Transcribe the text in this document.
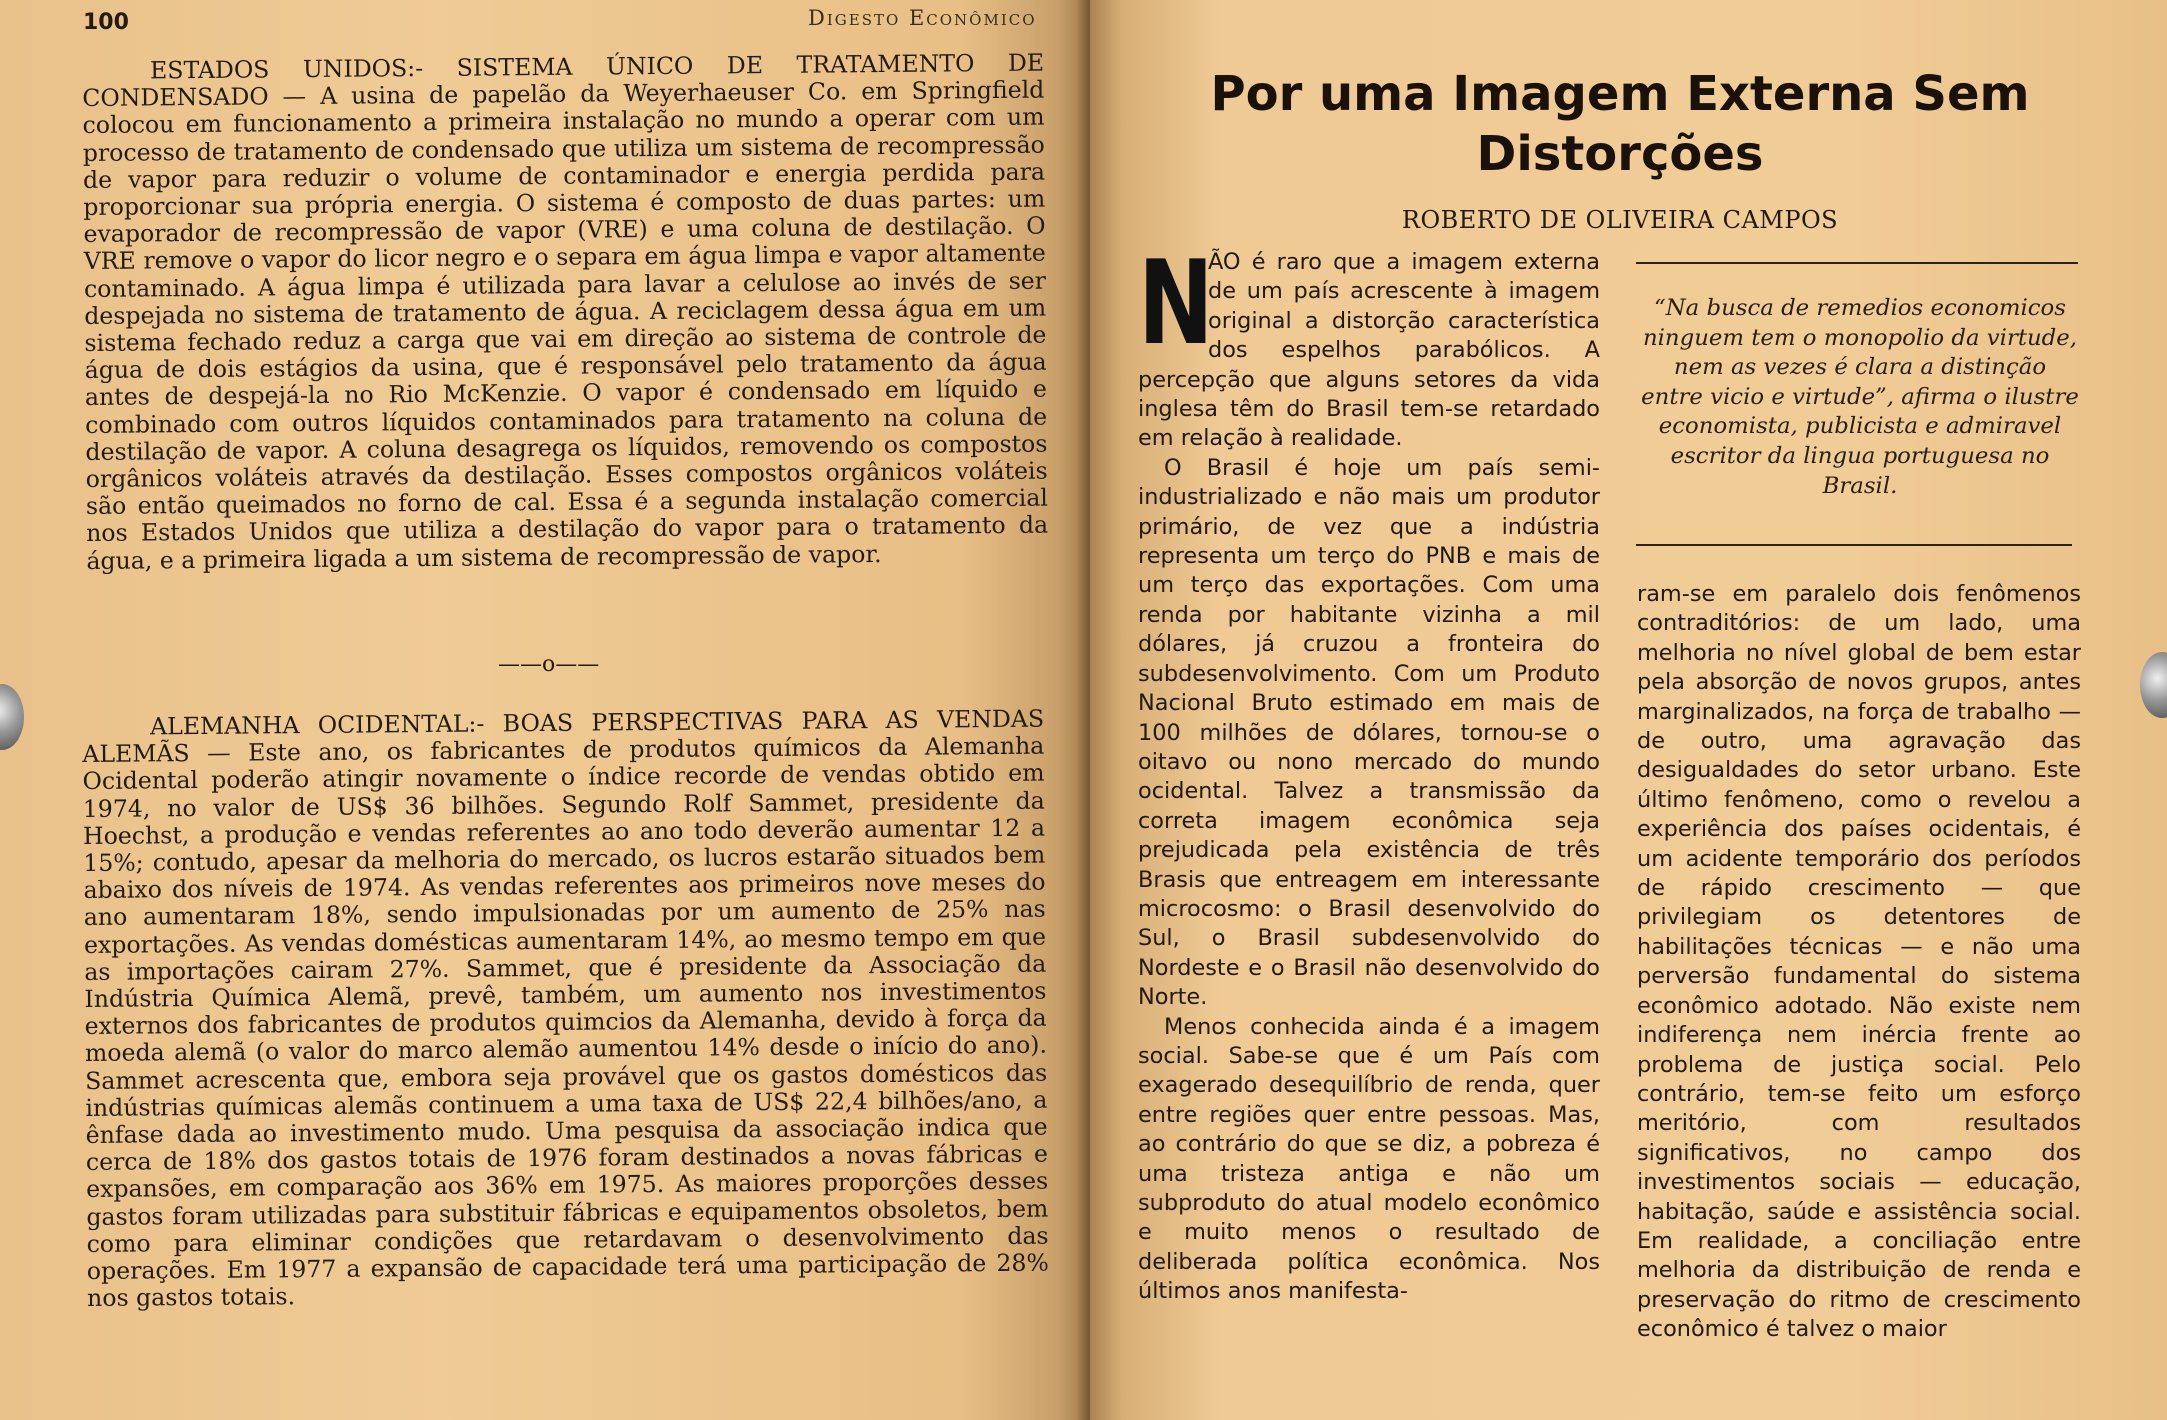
100	Digesto Econômico

ESTADOS UNIDOS:- SISTEMA ÚNICO DE TRATAMENTO DE CONDENSADO — A usina de papelão da Weyerhaeuser Co. em Springfield colocou em funcionamento a primeira instalação no mundo a operar com um processo de tratamento de condensado que utiliza um sistema de recompressão de vapor para reduzir o volume de contaminador e energia perdida para proporcionar sua própria energia. O sistema é composto de duas partes: um evaporador de recompressão de vapor (VRE) e uma coluna de destilação. O VRE remove o vapor do licor negro e o separa em água limpa e vapor altamente contaminado. A água limpa é utilizada para lavar a celulose ao invés de ser despejada no sistema de tratamento de água. A reciclagem dessa água em um sistema fechado reduz a carga que vai em direção ao sistema de controle de água de dois estágios da usina, que é responsável pelo tratamento da água antes de despejá-la no Rio McKenzie. O vapor é condensado em líquido e combinado com outros líquidos contaminados para tratamento na coluna de destilação de vapor. A coluna desagrega os líquidos, removendo os compostos orgânicos voláteis através da destilação. Esses compostos orgânicos voláteis são então queimados no forno de cal. Essa é a segunda instalação comercial nos Estados Unidos que utiliza a destilação do vapor para o tratamento da água, e a primeira ligada a um sistema de recompressão de vapor.

——o——

ALEMANHA OCIDENTAL:- BOAS PERSPECTIVAS PARA AS VENDAS ALEMÃS — Este ano, os fabricantes de produtos químicos da Alemanha Ocidental poderão atingir novamente o índice recorde de vendas obtido em 1974, no valor de US$ 36 bilhões. Segundo Rolf Sammet, presidente da Hoechst, a produção e vendas referentes ao ano todo deverão aumentar 12 a 15%; contudo, apesar da melhoria do mercado, os lucros estarão situados bem abaixo dos níveis de 1974. As vendas referentes aos primeiros nove meses do ano aumentaram 18%, sendo impulsionadas por um aumento de 25% nas exportações. As vendas domésticas aumentaram 14%, ao mesmo tempo em que as importações cairam 27%. Sammet, que é presidente da Associação da Indústria Química Alemã, prevê, também, um aumento nos investimentos externos dos fabricantes de produtos quimcios da Alemanha, devido à força da moeda alemã (o valor do marco alemão aumentou 14% desde o início do ano). Sammet acrescenta que, embora seja provável que os gastos domésticos das indústrias químicas alemãs continuem a uma taxa de US$ 22,4 bilhões/ano, a ênfase dada ao investimento mudo. Uma pesquisa da associação indica que cerca de 18% dos gastos totais de 1976 foram destinados a novas fábricas e expansões, em comparação aos 36% em 1975. As maiores proporções desses gastos foram utilizadas para substituir fábricas e equipamentos obsoletos, bem como para eliminar condições que retardavam o desenvolvimento das operações. Em 1977 a expansão de capacidade terá uma participação de 28% nos gastos totais.

Por uma Imagem Externa Sem Distorções
ROBERTO DE OLIVEIRA CAMPOS
N

ÃO é raro que a imagem externa de um país acrescente à imagem original a distorção característica dos espelhos parabólicos. A percepção que alguns setores da vida inglesa têm do Brasil tem-se retardado em relação à realidade.

O Brasil é hoje um país semi-industrializado e não mais um produtor primário, de vez que a indústria representa um terço do PNB e mais de um terço das exportações. Com uma renda por habitante vizinha a mil dólares, já cruzou a fronteira do subdesenvolvimento. Com um Produto Nacional Bruto estimado em mais de 100 milhões de dólares, tornou-se o oitavo ou nono mercado do mundo ocidental. Talvez a transmissão da correta imagem econômica seja prejudicada pela existência de três Brasis que entreagem em interessante microcosmo: o Brasil desenvolvido do Sul, o Brasil subdesenvolvido do Nordeste e o Brasil não desenvolvido do Norte.

Menos conhecida ainda é a imagem social. Sabe-se que é um País com exagerado desequilíbrio de renda, quer entre regiões quer entre pessoas. Mas, ao contrário do que se diz, a pobreza é uma tristeza antiga e não um subproduto do atual modelo econômico e muito menos o resultado de deliberada política econômica. Nos últimos anos manifesta-

“Na busca de remedios economicos ninguem tem o monopolio da virtude, nem as vezes é clara a distinção entre vicio e virtude”, afirma o ilustre economista, publicista e admiravel escritor da lingua portuguesa no Brasil.

ram-se em paralelo dois fenômenos contraditórios: de um lado, uma melhoria no nível global de bem estar pela absorção de novos grupos, antes marginalizados, na força de trabalho — de outro, uma agravação das desigualdades do setor urbano. Este último fenômeno, como o revelou a experiência dos países ocidentais, é um acidente temporário dos períodos de rápido crescimento — que privilegiam os detentores de habilitações técnicas — e não uma perversão fundamental do sistema econômico adotado. Não existe nem indiferença nem inércia frente ao problema de justiça social. Pelo contrário, tem-se feito um esforço meritório, com resultados significativos, no campo dos investimentos sociais — educação, habitação, saúde e assistência social. Em realidade, a conciliação entre melhoria da distribuição de renda e preservação do ritmo de crescimento econômico é talvez o maior
